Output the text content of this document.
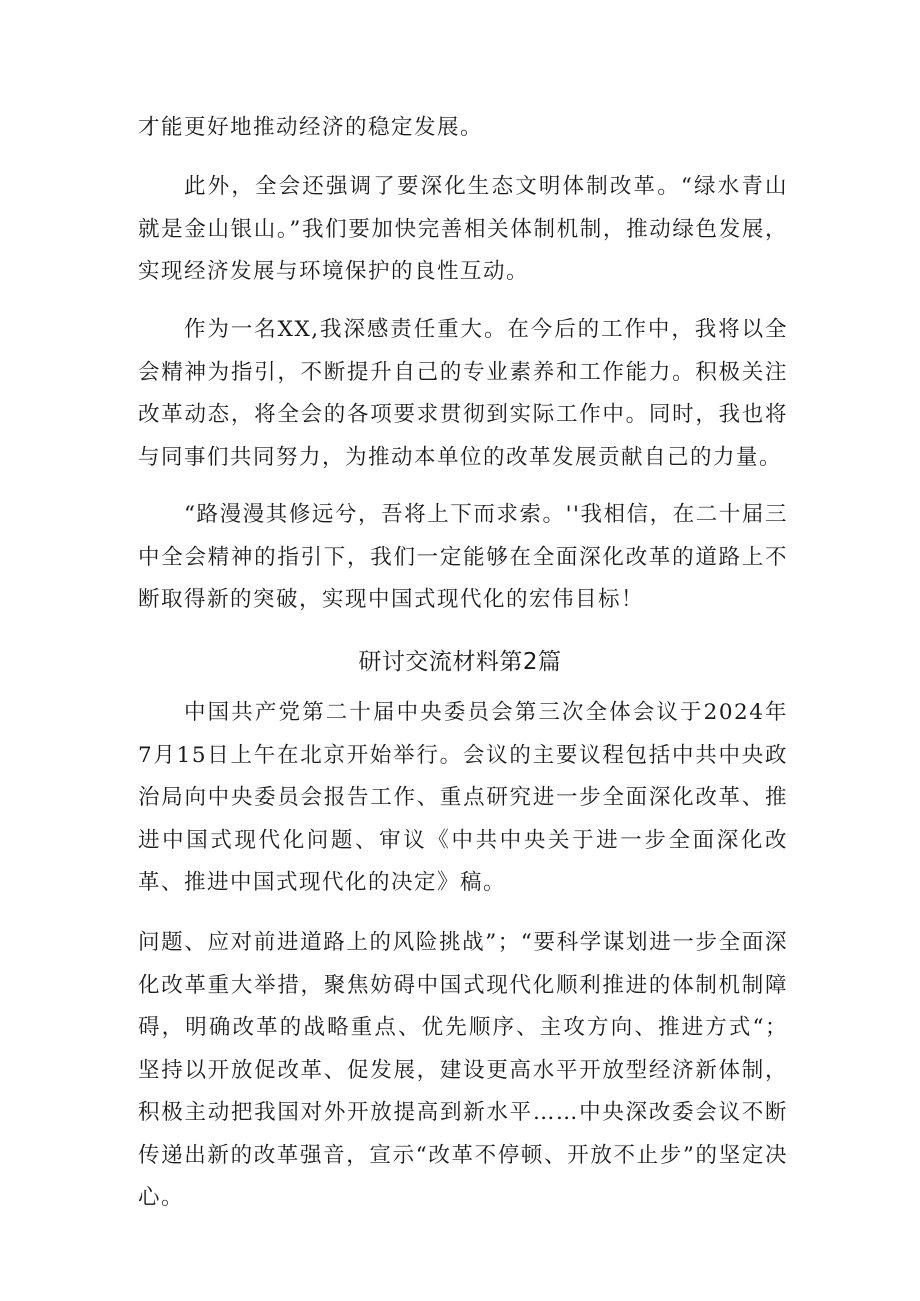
才能更好地推动经济的稳定发展。

此外，全会还强调了要深化生态文明体制改革。“绿水青山就是金山银山。”我们要加快完善相关体制机制，推动绿色发展，实现经济发展与环境保护的良性互动。

作为一名XX,我深感责任重大。在今后的工作中，我将以全会精神为指引，不断提升自己的专业素养和工作能力。积极关注改革动态，将全会的各项要求贯彻到实际工作中。同时，我也将与同事们共同努力，为推动本单位的改革发展贡献自己的力量。

“路漫漫其修远兮，吾将上下而求索。''我相信，在二十届三中全会精神的指引下，我们一定能够在全面深化改革的道路上不断取得新的突破，实现中国式现代化的宏伟目标！

研讨交流材料第2篇

中国共产党第二十届中央委员会第三次全体会议于2024年7月15日上午在北京开始举行。会议的主要议程包括中共中央政治局向中央委员会报告工作、重点研究进一步全面深化改革、推进中国式现代化问题、审议《中共中央关于进一步全面深化改革、推进中国式现代化的决定》稿。

问题、应对前进道路上的风险挑战”；“要科学谋划进一步全面深化改革重大举措，聚焦妨碍中国式现代化顺利推进的体制机制障碍，明确改革的战略重点、优先顺序、主攻方向、推进方式“；坚持以开放促改革、促发展，建设更高水平开放型经济新体制，积极主动把我国对外开放提高到新水平……中央深改委会议不断传递出新的改革强音，宣示“改革不停顿、开放不止步”的坚定决心。
